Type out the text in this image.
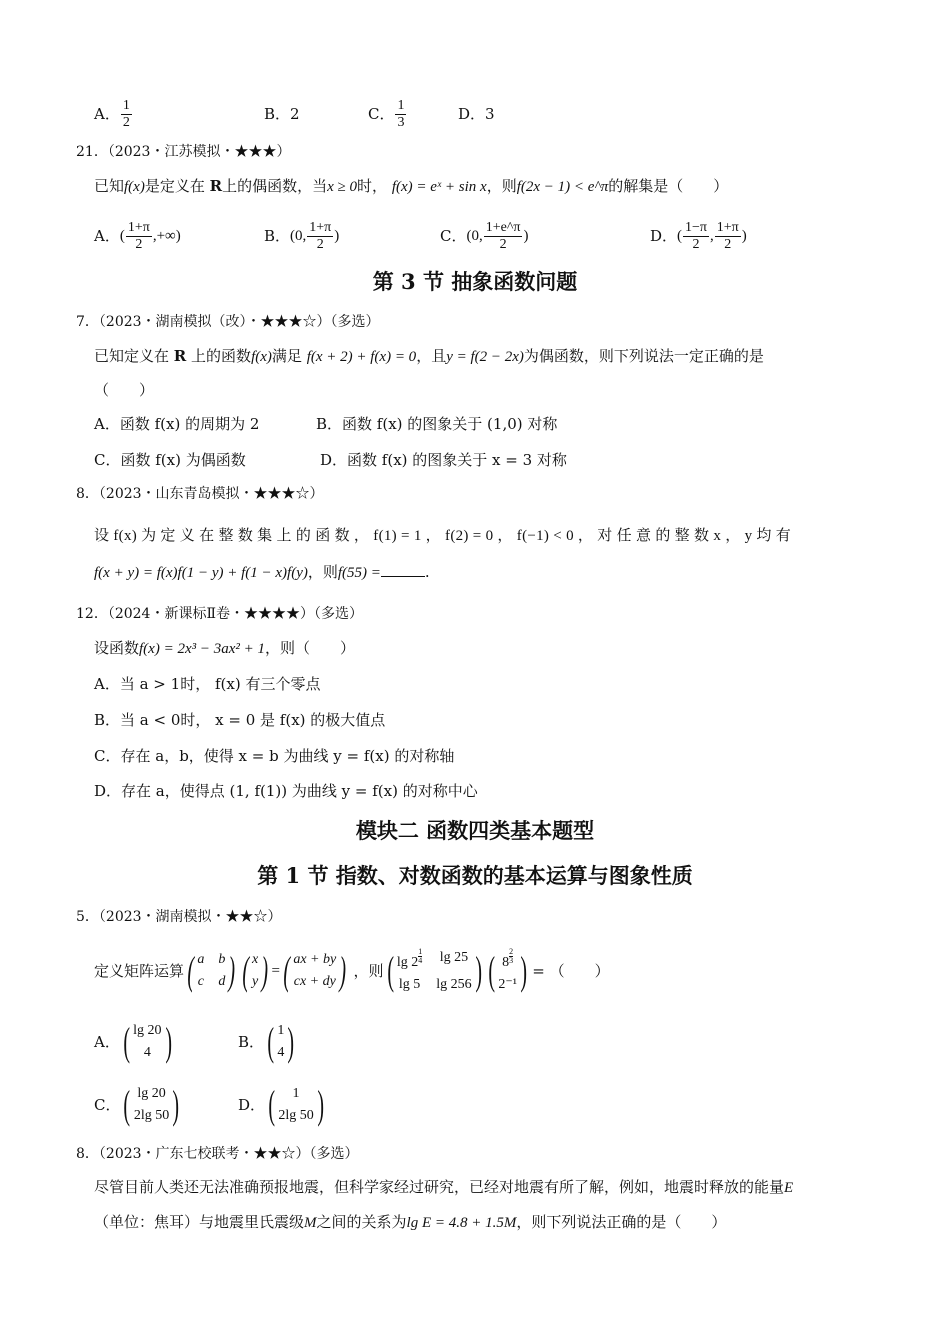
A． $\frac{1}{2}$	B．2	C． $\frac{1}{3}$	D．3
21．（2023・江苏模拟・★★★）
已知f(x)是定义在 R上的偶函数，当x ≥ 0时， f(x) = eˣ + sin x，则f(2x − 1) < e^π的解集是（　　）
A． ( $\frac{1+\pi}{2}$ ,+∞)	B． (0, $\frac{1+\pi}{2}$ )	C． (0, $\frac{1+e\^{}\pi}{2}$ )	D． ( $\frac{1-\pi}{2}$ , $\frac{1+\pi}{2}$ )
第 3 节 抽象函数问题
7．（2023・湖南模拟（改）・★★★☆）（多选）
已知定义在 R 上的函数f(x)满足 f(x + 2) + f(x) = 0，且y = f(2 − 2x)为偶函数，则下列说法一定正确的是
（　　）
A．函数 f(x) 的周期为 2	B．函数 f(x) 的图象关于 (1,0) 对称
C．函数 f(x) 为偶函数	D．函数 f(x) 的图象关于 x = 3 对称
8．（2023・山东青岛模拟・★★★☆）
设 f(x) 为 定 义 在 整 数 集 上 的 函 数 ， f(1) = 1 ， f(2) = 0 ， f(−1) < 0 ， 对 任 意 的 整 数 x ， y 均 有
f(x + y) = f(x)f(1 − y) + f(1 − x)f(y)，则f(55) =	.
12．（2024・新课标Ⅱ卷・★★★★）（多选）
设函数f(x) = 2x³ − 3ax² + 1，则（　　）
A．当 a > 1时， f(x) 有三个零点
B．当 a < 0时， x = 0 是 f(x) 的极大值点
C．存在 a，b，使得 x = b 为曲线 y = f(x) 的对称轴
D．存在 a，使得点 (1, f(1)) 为曲线 y = f(x) 的对称中心
模块二 函数四类基本题型
第 1 节 指数、对数函数的基本运算与图象性质
5．（2023・湖南模拟・★★☆）
定义矩阵运算 ( a b
c d ) ( x
y ) = ( ax + by
cx + dy ) ，则 ( $\lg 2 \frac{1}{4}$ lg 25
lg 5 lg 256 ) ( $8 \frac{2}{3}$
2⁻¹ ) = （　　）
A． ( lg 20
4 )	B． ( 1
4 )
C． ( lg 20
2lg 50 )	D． (	1
2lg 50 )
8．（2023・广东七校联考・★★☆）（多选）
尽管目前人类还无法准确预报地震，但科学家经过研究，已经对地震有所了解，例如，地震时释放的能量E
（单位：焦耳）与地震里氏震级M之间的关系为lg E = 4.8 + 1.5M，则下列说法正确的是（　　）
